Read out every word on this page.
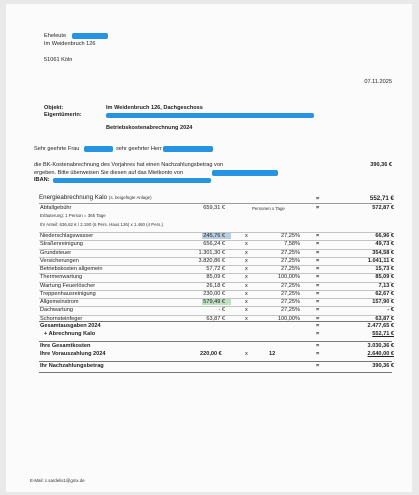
Eheleute
Im Weidenbruch 126
51061 Köln
07.11.2025
Objekt:	Im Weidenbruch 126, Dachgeschoss
Eigentümerin:
Betriebskostenabrechnung 2024
Sehr geehrte Frau	sehr geehrter Herr
die BK-Kostenabrechnung des Vorjahres hat einen Nachzahlungsbetrag von	390,36 €
ergeben. Bitte überweisen Sie diesen auf das Mietkonto von
IBAN:
Energieabrechnung Kalo (s. beigefügte Anlage)	=	552,71 €
Abfallgebühr	659,31 €	Personen x Tage	=	572,87 €
Erläuterung: 1 Person = 365 Tage
Ihr Anteil: 636,62 € / 2.190 (6 Pers. Haus 126) x 1.460 (4 Pers.)
Niederschlagswasser	245,76 €	x	27,25%	=	66,96 €
Straßenreinigung	656,24 €	x	7,58%	=	49,73 €
Grundsteuer	1.301,30 €	x	27,25%	=	354,58 €
Versicherungen	3.820,86 €	x	27,25%	=	1.041,11 €
Betriebskosten allgemein	57,72 €	x	27,25%	=	15,73 €
Thermenwartung	85,09 €	x	100,00%	=	85,09 €
Wartung Feuerlöscher	26,18 €	x	27,25%	=	7,13 €
Treppenhausreinigung	230,00 €	x	27,25%	=	62,67 €
Allgemeinstrom	579,49 €	x	27,25%	=	157,90 €
Dachwartung	- €	x	27,25%	=	- €
Schornsteinfeger	63,87 €	x	100,00%	=	63,87 €
Gesamtausgaben 2024	=	2.477,65 €
+ Abrechnung Kalo	=	552,71 €
Ihre Gesamtkosten	=	3.030,36 €
Ihre Vorauszahlung 2024	220,00 €	x	12	=	2.640,00 €
Ihr Nachzahlungsbetrag	=	390,36 €
E-Mail: c.sardelis1@gmx.de
